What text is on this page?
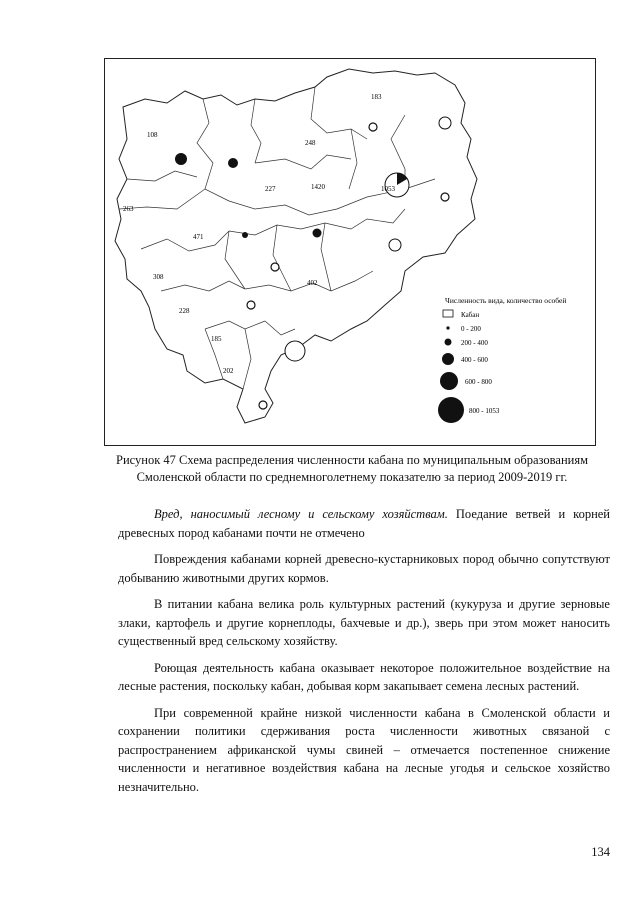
183
108
248
227	1420	1053
471
263
308
228
185
202
402
Численность вида, количество особей
Кабан
0 - 200
200 - 400
400 - 600
600 - 800
800 - 1053
Рисунок 47 Схема распределения численности кабана по муниципальным образованиям
Смоленской области по среднемноголетнему показателю за период 2009-2019 гг.

Вред, наносимый лесному и сельскому хозяйствам. Поедание ветвей и корней древесных пород кабанами почти не отмечено

Повреждения кабанами корней древесно-кустарниковых пород обычно сопутствуют добыванию животными других кормов.

В питании кабана велика роль культурных растений (кукуруза и другие зерновые злаки, картофель и другие корнеплоды, бахчевые и др.), зверь при этом может наносить существенный вред сельскому хозяйству.

Роющая деятельность кабана оказывает некоторое положительное воздействие на лесные растения, поскольку кабан, добывая корм закапывает семена лесных растений.

При современной крайне низкой численности кабана в Смоленской области и сохранении политики сдерживания роста численности животных связаной с распространением африканской чумы свиней – отмечается постепенное снижение численности и негативное воздействия кабана на лесные угодья и сельское хозяйство незначительно.

134
